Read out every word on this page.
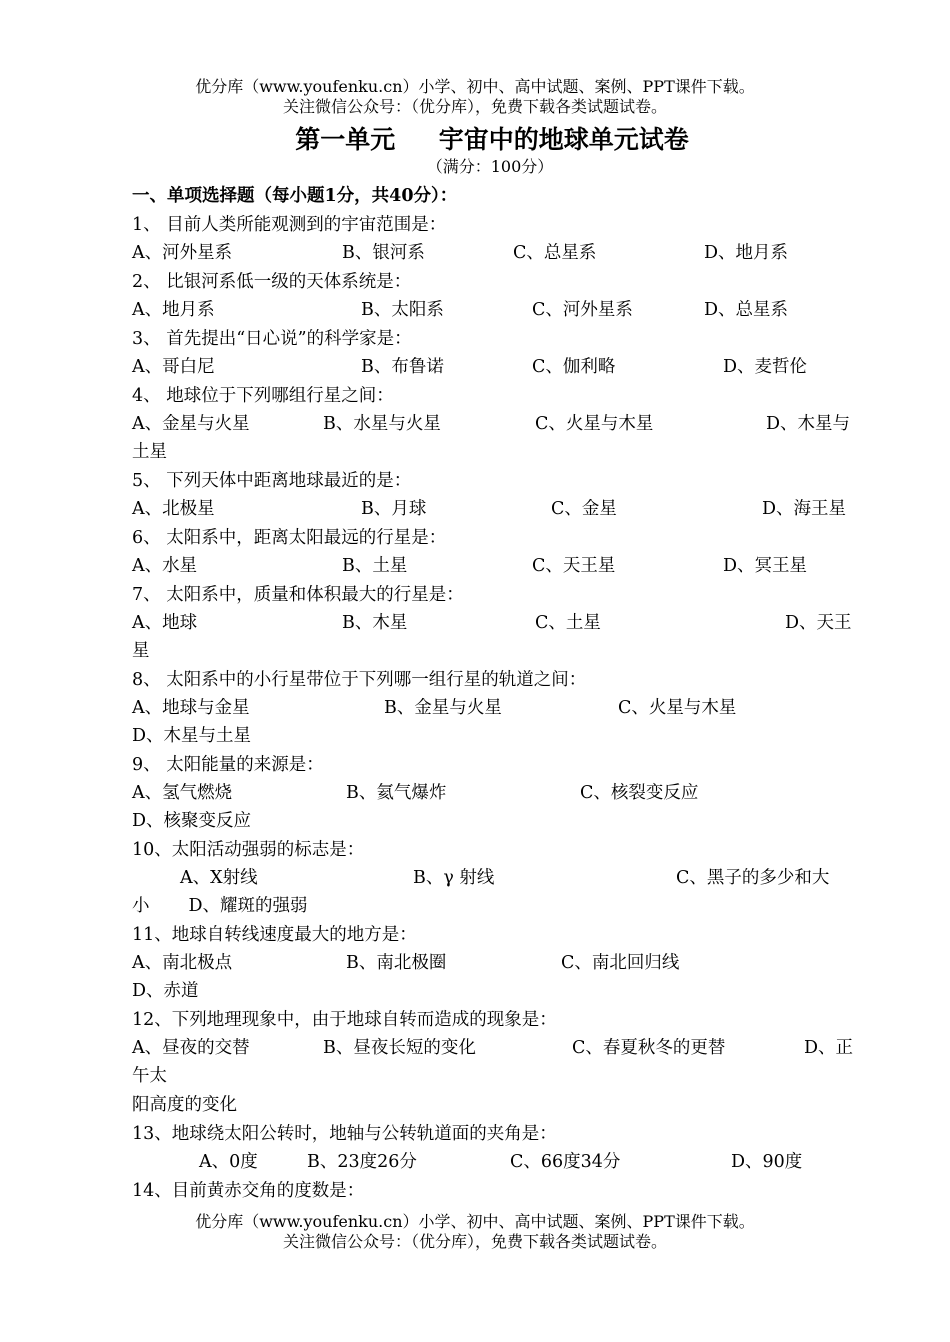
优分库（www.youfenku.cn）小学、初中、高中试题、案例、PPT课件下载。
关注微信公众号：（优分库），免费下载各类试题试卷。
第一单元     宇宙中的地球单元试卷
（满分：100分）
一、单项选择题（每小题1分，共40分）：
1、 目前人类所能观测到的宇宙范围是：
A、河外星系	B、银河系	C、总星系	D、地月系
2、 比银河系低一级的天体系统是：
A、地月系	B、太阳系	C、河外星系	D、总星系
3、 首先提出“日心说”的科学家是：
A、哥白尼	B、布鲁诺	C、伽利略	D、麦哲伦
4、 地球位于下列哪组行星之间：
A、金星与火星	B、水星与火星	C、火星与木星	D、木星与
土星
5、 下列天体中距离地球最近的是：
A、北极星	B、月球	C、金星	D、海王星
6、 太阳系中，距离太阳最远的行星是：
A、水星	B、土星	C、天王星	D、冥王星
7、 太阳系中，质量和体积最大的行星是：
A、地球	B、木星	C、土星	D、天王
星
8、 太阳系中的小行星带位于下列哪一组行星的轨道之间：
A、地球与金星	B、金星与火星	C、火星与木星
D、木星与土星
9、 太阳能量的来源是：
A、氢气燃烧	B、氦气爆炸	C、核裂变反应
D、核聚变反应
10、太阳活动强弱的标志是：
A、X射线	B、γ 射线	C、黑子的多少和大
小       D、耀斑的强弱
11、地球自转线速度最大的地方是：
A、南北极点	B、南北极圈	C、南北回归线
D、赤道
12、下列地理现象中，由于地球自转而造成的现象是：
A、昼夜的交替	B、昼夜长短的变化	C、春夏秋冬的更替	D、正
午太
阳高度的变化
13、地球绕太阳公转时，地轴与公转轨道面的夹角是：
A、0度	B、23度26分	C、66度34分	D、90度
14、目前黄赤交角的度数是：
优分库（www.youfenku.cn）小学、初中、高中试题、案例、PPT课件下载。
关注微信公众号：（优分库），免费下载各类试题试卷。
